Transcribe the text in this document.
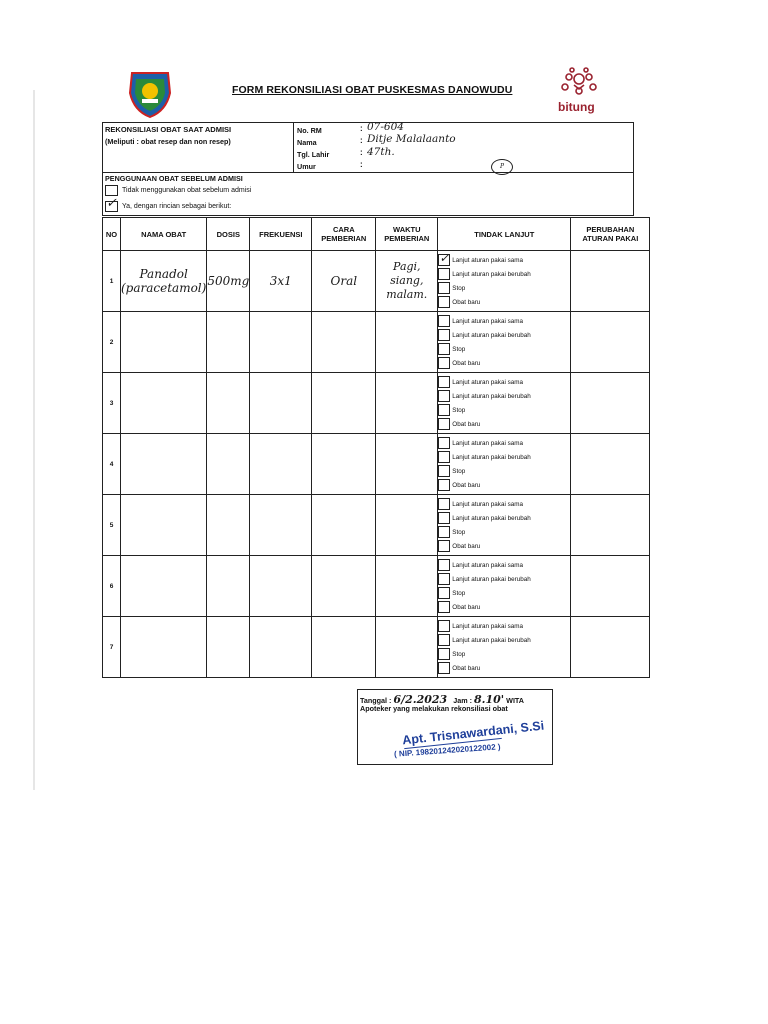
FORM REKONSILIASI OBAT PUSKESMAS DANOWUDU
bitung
REKONSILIASI OBAT SAAT ADMISI
(Meliputi : obat resep dan non resep)
No. RM	: 07-604
Nama	: Ditje Malalaanto
Tgl. Lahir	: 47th.
Umur	:	P
PENGGUNAAN OBAT SEBELUM ADMISI
Tidak menggunakan obat sebelum admisi
✓ Ya, dengan rincian sebagai berikut:
NO	NAMA OBAT	DOSIS	FREKUENSI	CARA PEMBERIAN	WAKTU PEMBERIAN	TINDAK LANJUT	PERUBAHAN ATURAN PAKAI
1	Panadol (paracetamol)	500mg	3x1	Oral	Pagi, siang, malam.	✓ Lanjut aturan pakai sama
Lanjut aturan pakai berubah
Stop
Obat baru	

2						Lanjut aturan pakai sama
Lanjut aturan pakai berubah
Stop
Obat baru	

3						Lanjut aturan pakai sama
Lanjut aturan pakai berubah
Stop
Obat baru	

4						Lanjut aturan pakai sama
Lanjut aturan pakai berubah
Stop
Obat baru	

5						Lanjut aturan pakai sama
Lanjut aturan pakai berubah
Stop
Obat baru	

6						Lanjut aturan pakai sama
Lanjut aturan pakai berubah
Stop
Obat baru	

7						Lanjut aturan pakai sama
Lanjut aturan pakai berubah
Stop
Obat baru	

Tanggal : 6/2.2023 Jam : 8.10' WITA
Apoteker yang melakukan rekonsiliasi obat
Apt. Trisnawardani, S.Si
( NIP. 198201242020122002 )
